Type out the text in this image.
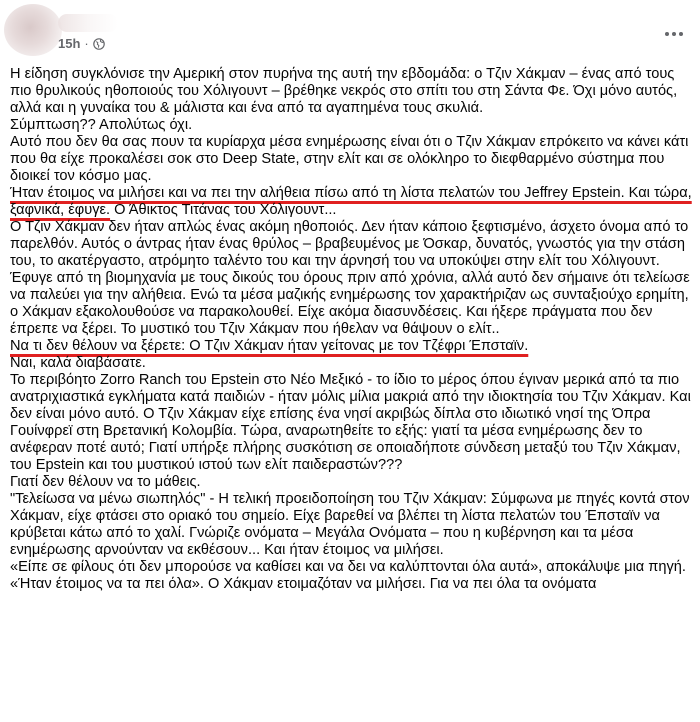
15h ·

Η είδηση συγκλόνισε την Αμερική στον πυρήνα της αυτή την εβδομάδα: ο Τζιν Χάκμαν – ένας από τους πιο θρυλικούς ηθοποιούς του Χόλιγουντ – βρέθηκε νεκρός στο σπίτι του στη Σάντα Φε. Όχι μόνο αυτός, αλλά και η γυναίκα του & μάλιστα και ένα από τα αγαπημένα τους σκυλιά.

Σύμπτωση?? Απολύτως όχι.

Αυτό που δεν θα σας πουν τα κυρίαρχα μέσα ενημέρωσης είναι ότι ο Τζιν Χάκμαν επρόκειτο να κάνει κάτι που θα είχε προκαλέσει σοκ στο Deep State, στην ελίτ και σε ολόκληρο το διεφθαρμένο σύστημα που διοικεί τον κόσμο μας.

Ήταν έτοιμος να μιλήσει και να πει την αλήθεια πίσω από τη λίστα πελατών του Jeffrey Epstein. Και τώρα, ξαφνικά, έφυγε. Ο Άθικτος Τιτάνας του Χόλιγουντ...

Ο Τζιν Χάκμαν δεν ήταν απλώς ένας ακόμη ηθοποιός. Δεν ήταν κάποιο ξεφτισμένο, άσχετο όνομα από το παρελθόν. Αυτός ο άντρας ήταν ένας θρύλος – βραβευμένος με Όσκαρ, δυνατός, γνωστός για την στάση του, το ακατέργαστο, ατρόμητο ταλέντο του και την άρνησή του να υποκύψει στην ελίτ του Χόλιγουντ.

Έφυγε από τη βιομηχανία με τους δικούς του όρους πριν από χρόνια, αλλά αυτό δεν σήμαινε ότι τελείωσε να παλεύει για την αλήθεια. Ενώ τα μέσα μαζικής ενημέρωσης τον χαρακτήριζαν ως συνταξιούχο ερημίτη, ο Χάκμαν εξακολουθούσε να παρακολουθεί. Είχε ακόμα διασυνδέσεις. Και ήξερε πράγματα που δεν έπρεπε να ξέρει. Το μυστικό του Τζιν Χάκμαν που ήθελαν να θάψουν ο ελίτ..

Να τι δεν θέλουν να ξέρετε: Ο Τζιν Χάκμαν ήταν γείτονας με τον Τζέφρι Έπσταϊν.

Ναι, καλά διαβάσατε.

Το περιβόητο Zorro Ranch του Epstein στο Νέο Μεξικό - το ίδιο το μέρος όπου έγιναν μερικά από τα πιο ανατριχιαστικά εγκλήματα κατά παιδιών - ήταν μόλις μίλια μακριά από την ιδιοκτησία του Τζιν Χάκμαν. Και δεν είναι μόνο αυτό. Ο Τζιν Χάκμαν είχε επίσης ένα νησί ακριβώς δίπλα στο ιδιωτικό νησί της Όπρα Γουίνφρεϊ στη Βρετανική Κολομβία. Τώρα, αναρωτηθείτε το εξής: γιατί τα μέσα ενημέρωσης δεν το ανέφεραν ποτέ αυτό; Γιατί υπήρξε πλήρης συσκότιση σε οποιαδήποτε σύνδεση μεταξύ του Τζιν Χάκμαν, του Epstein και του μυστικού ιστού των ελίτ παιδεραστών???

Γιατί δεν θέλουν να το μάθεις.

"Τελείωσα να μένω σιωπηλός" - Η τελική προειδοποίηση του Τζιν Χάκμαν: Σύμφωνα με πηγές κοντά στον Χάκμαν, είχε φτάσει στο οριακό του σημείο. Είχε βαρεθεί να βλέπει τη λίστα πελατών του Έπσταϊν να κρύβεται κάτω από το χαλί. Γνώριζε ονόματα – Μεγάλα Ονόματα – που η κυβέρνηση και τα μέσα ενημέρωσης αρνούνταν να εκθέσουν... Και ήταν έτοιμος να μιλήσει.

«Είπε σε φίλους ότι δεν μπορούσε να καθίσει και να δει να καλύπτονται όλα αυτά», αποκάλυψε μια πηγή. «Ήταν έτοιμος να τα πει όλα». Ο Χάκμαν ετοιμαζόταν να μιλήσει. Για να πει όλα τα ονόματα
